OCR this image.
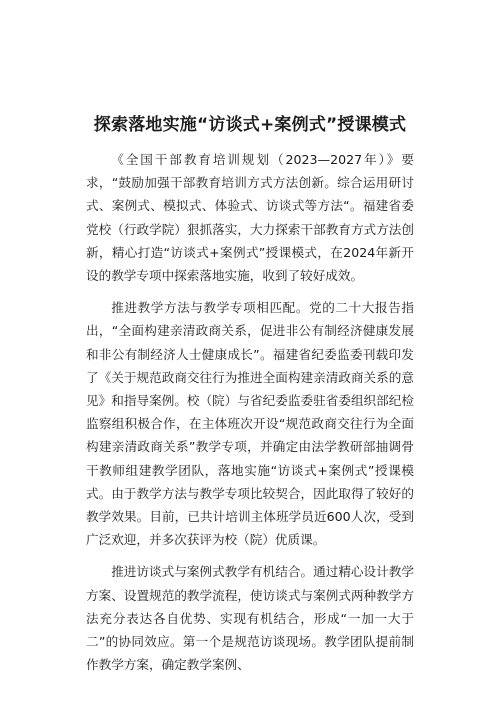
探索落地实施“访谈式+案例式”授课模式

《全国干部教育培训规划（2023—2027年）》要求，“鼓励加强干部教育培训方式方法创新。综合运用研讨式、案例式、模拟式、体验式、访谈式等方法“。福建省委党校（行政学院）狠抓落实，大力探索干部教育方式方法创新，精心打造“访谈式+案例式”授课模式，在2024年新开设的教学专项中探索落地实施，收到了较好成效。

推进教学方法与教学专项相匹配。党的二十大报告指出，“全面构建亲清政商关系，促进非公有制经济健康发展和非公有制经济人士健康成长”。福建省纪委监委刊载印发了《关于规范政商交往行为推进全面构建亲清政商关系的意见》和指导案例。校（院）与省纪委监委驻省委组织部纪检监察组积极合作，在主体班次开设“规范政商交往行为全面构建亲清政商关系”教学专项，并确定由法学教研部抽调骨干教师组建教学团队，落地实施“访谈式+案例式”授课模式。由于教学方法与教学专项比较契合，因此取得了较好的教学效果。目前，已共计培训主体班学员近600人次，受到广泛欢迎，并多次获评为校（院）优质课。

推进访谈式与案例式教学有机结合。通过精心设计教学方案、设置规范的教学流程，使访谈式与案例式两种教学方法充分表达各自优势、实现有机结合，形成“一加一大于二”的协同效应。第一个是规范访谈现场。教学团队提前制作教学方案，确定教学案例、
